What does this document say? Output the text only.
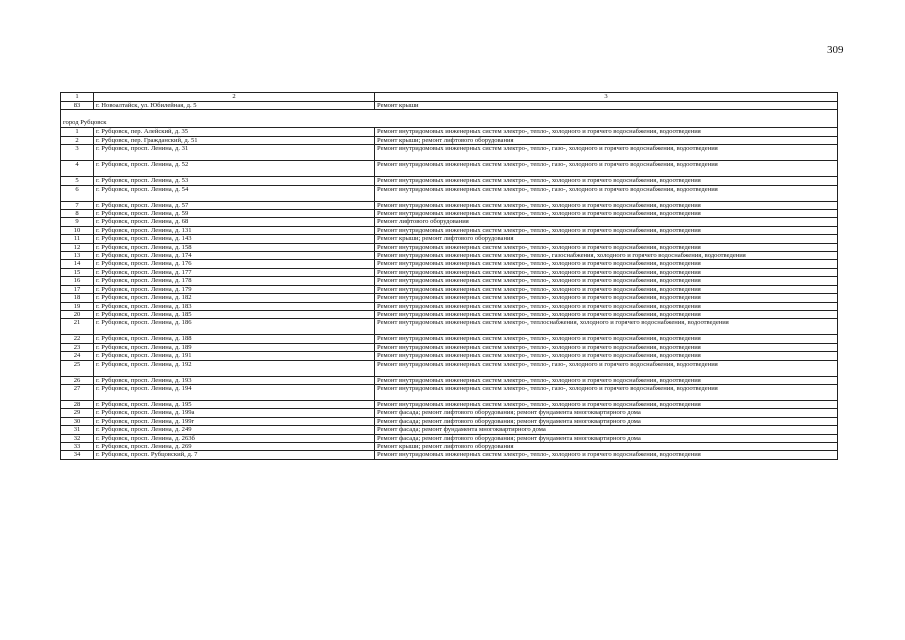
309
1	2	3
83	г. Новоалтайск, ул. Юбилейная, д. 5	Ремонт крыши
город Рубцовск		
1	г. Рубцовск, пер. Алейский, д. 35	Ремонт внутридомовых инженерных систем электро-, тепло-, холодного и горячего водоснабжения, водоотведения
2	г. Рубцовск, пер. Гражданский, д. 51	Ремонт крыши; ремонт лифтового оборудования
3	г. Рубцовск, просп. Ленина, д. 31	Ремонт внутридомовых инженерных систем электро-, тепло-, газо-, холодного и горячего водоснабжения, водоотведения
4	г. Рубцовск, просп. Ленина, д. 52	Ремонт внутридомовых инженерных систем электро-, тепло-, газо-, холодного и горячего водоснабжения, водоотведения
5	г. Рубцовск, просп. Ленина, д. 53	Ремонт внутридомовых инженерных систем электро-, тепло-, холодного и горячего водоснабжения, водоотведения
6	г. Рубцовск, просп. Ленина, д. 54	Ремонт внутридомовых инженерных систем электро-, тепло-, газо-, холодного и горячего водоснабжения, водоотведения
7	г. Рубцовск, просп. Ленина, д. 57	Ремонт внутридомовых инженерных систем электро-, тепло-, холодного и горячего водоснабжения, водоотведения
8	г. Рубцовск, просп. Ленина, д. 59	Ремонт внутридомовых инженерных систем электро-, тепло-, холодного и горячего водоснабжения, водоотведения
9	г. Рубцовск, просп. Ленина, д. 68	Ремонт лифтового оборудования
10	г. Рубцовск, просп. Ленина, д. 131	Ремонт внутридомовых инженерных систем электро-, тепло-, холодного и горячего водоснабжения, водоотведения
11	г. Рубцовск, просп. Ленина, д. 143	Ремонт крыши; ремонт лифтового оборудования
12	г. Рубцовск, просп. Ленина, д. 158	Ремонт внутридомовых инженерных систем электро-, тепло-, холодного и горячего водоснабжения, водоотведения
13	г. Рубцовск, просп. Ленина, д. 174	Ремонт внутридомовых инженерных систем электро-, тепло-, газоснабжения, холодного и горячего водоснабжения, водоотведения
14	г. Рубцовск, просп. Ленина, д. 176	Ремонт внутридомовых инженерных систем электро-, тепло-, холодного и горячего водоснабжения, водоотведения
15	г. Рубцовск, просп. Ленина, д. 177	Ремонт внутридомовых инженерных систем электро-, тепло-, холодного и горячего водоснабжения, водоотведения
16	г. Рубцовск, просп. Ленина, д. 178	Ремонт внутридомовых инженерных систем электро-, тепло-, холодного и горячего водоснабжения, водоотведения
17	г. Рубцовск, просп. Ленина, д. 179	Ремонт внутридомовых инженерных систем электро-, тепло-, холодного и горячего водоснабжения, водоотведения
18	г. Рубцовск, просп. Ленина, д. 182	Ремонт внутридомовых инженерных систем электро-, тепло-, холодного и горячего водоснабжения, водоотведения
19	г. Рубцовск, просп. Ленина, д. 183	Ремонт внутридомовых инженерных систем электро-, тепло-, холодного и горячего водоснабжения, водоотведения
20	г. Рубцовск, просп. Ленина, д. 185	Ремонт внутридомовых инженерных систем электро-, тепло-, холодного и горячего водоснабжения, водоотведения
21	г. Рубцовск, просп. Ленина, д. 186	Ремонт внутридомовых инженерных систем электро-, теплоснабжения, холодного и горячего водоснабжения, водоотведения
22	г. Рубцовск, просп. Ленина, д. 188	Ремонт внутридомовых инженерных систем электро-, тепло-, холодного и горячего водоснабжения, водоотведения
23	г. Рубцовск, просп. Ленина, д. 189	Ремонт внутридомовых инженерных систем электро-, тепло-, холодного и горячего водоснабжения, водоотведения
24	г. Рубцовск, просп. Ленина, д. 191	Ремонт внутридомовых инженерных систем электро-, тепло-, холодного и горячего водоснабжения, водоотведения
25	г. Рубцовск, просп. Ленина, д. 192	Ремонт внутридомовых инженерных систем электро-, тепло-, газо-, холодного и горячего водоснабжения, водоотведения
26	г. Рубцовск, просп. Ленина, д. 193	Ремонт внутридомовых инженерных систем электро-, тепло-, холодного и горячего водоснабжения, водоотведения
27	г. Рубцовск, просп. Ленина, д. 194	Ремонт внутридомовых инженерных систем электро-, тепло-, газо-, холодного и горячего водоснабжения, водоотведения
28	г. Рубцовск, просп. Ленина, д. 195	Ремонт внутридомовых инженерных систем электро-, тепло-, холодного и горячего водоснабжения, водоотведения
29	г. Рубцовск, просп. Ленина, д. 199а	Ремонт фасада; ремонт лифтового оборудования; ремонт фундамента многоквартирного дома
30	г. Рубцовск, просп. Ленина, д. 199г	Ремонт фасада; ремонт лифтового оборудования; ремонт фундамента многоквартирного дома
31	г. Рубцовск, просп. Ленина, д. 249	Ремонт фасада; ремонт фундамента многоквартирного дома
32	г. Рубцовск, просп. Ленина, д. 263б	Ремонт фасада; ремонт лифтового оборудования; ремонт фундамента многоквартирного дома
33	г. Рубцовск, просп. Ленина, д. 269	Ремонт крыши; ремонт лифтового оборудования
34	г. Рубцовск, просп. Рубцовский, д. 7	Ремонт внутридомовых инженерных систем электро-, тепло-, холодного и горячего водоснабжения, водоотведения
